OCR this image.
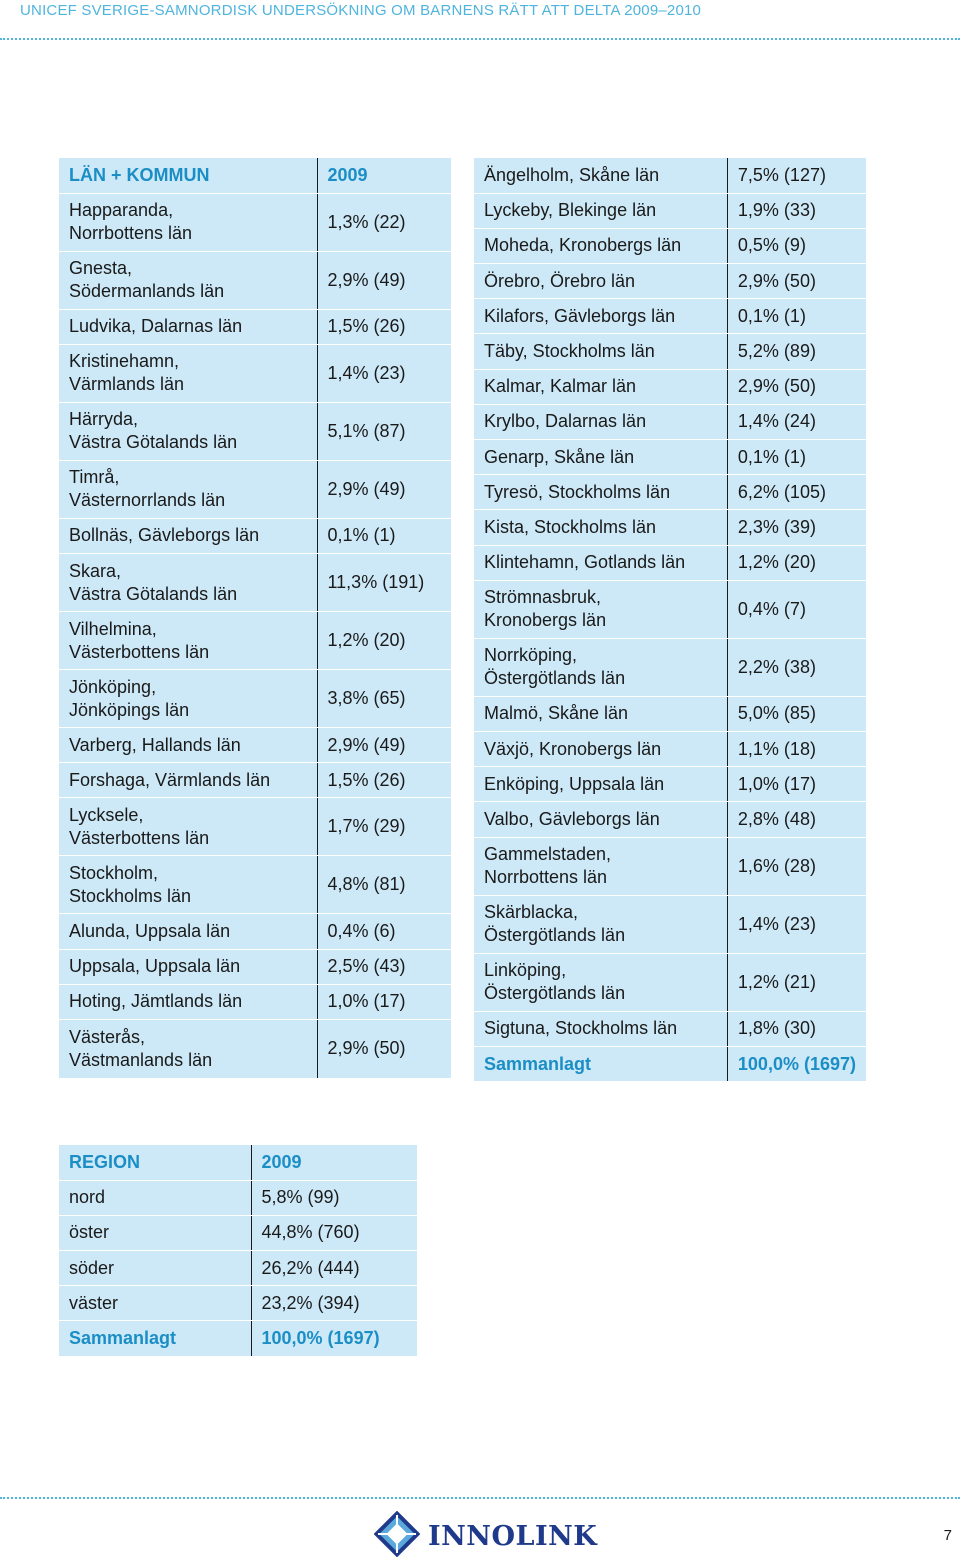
UNICEF SVERIGE-SAMNORDISK UNDERSÖKNING OM BARNENS RÄTT ATT DELTA 2009–2010
LÄN + KOMMUN	2009
Happaranda,
Norrbottens län	1,3% (22)
Gnesta,
Södermanlands län	2,9% (49)
Ludvika, Dalarnas län	1,5% (26)
Kristinehamn,
Värmlands län	1,4% (23)
Härryda,
Västra Götalands län	5,1% (87)
Timrå,
Västernorrlands län	2,9% (49)
Bollnäs, Gävleborgs län	0,1% (1)
Skara,
Västra Götalands län	11,3% (191)
Vilhelmina,
Västerbottens län	1,2% (20)
Jönköping,
Jönköpings län	3,8% (65)
Varberg, Hallands län	2,9% (49)
Forshaga, Värmlands län	1,5% (26)
Lycksele,
Västerbottens län	1,7% (29)
Stockholm,
Stockholms län	4,8% (81)
Alunda, Uppsala län	0,4% (6)
Uppsala, Uppsala län	2,5% (43)
Hoting, Jämtlands län	1,0% (17)
Västerås,
Västmanlands län	2,9% (50)
Ängelholm, Skåne län	7,5% (127)
Lyckeby, Blekinge län	1,9% (33)
Moheda, Kronobergs län	0,5% (9)
Örebro, Örebro län	2,9% (50)
Kilafors, Gävleborgs län	0,1% (1)
Täby, Stockholms län	5,2% (89)
Kalmar, Kalmar län	2,9% (50)
Krylbo, Dalarnas län	1,4% (24)
Genarp, Skåne län	0,1% (1)
Tyresö, Stockholms län	6,2% (105)
Kista, Stockholms län	2,3% (39)
Klintehamn, Gotlands län	1,2% (20)
Strömnasbruk,
Kronobergs län	0,4% (7)
Norrköping,
Östergötlands län	2,2% (38)
Malmö, Skåne län	5,0% (85)
Växjö, Kronobergs län	1,1% (18)
Enköping, Uppsala län	1,0% (17)
Valbo, Gävleborgs län	2,8% (48)
Gammelstaden,
Norrbottens län	1,6% (28)
Skärblacka,
Östergötlands län	1,4% (23)
Linköping,
Östergötlands län	1,2% (21)
Sigtuna, Stockholms län	1,8% (30)
Sammanlagt	100,0% (1697)
REGION	2009
nord	5,8% (99)
öster	44,8% (760)
söder	26,2% (444)
väster	23,2% (394)
Sammanlagt	100,0% (1697)
INNOLINK	7
